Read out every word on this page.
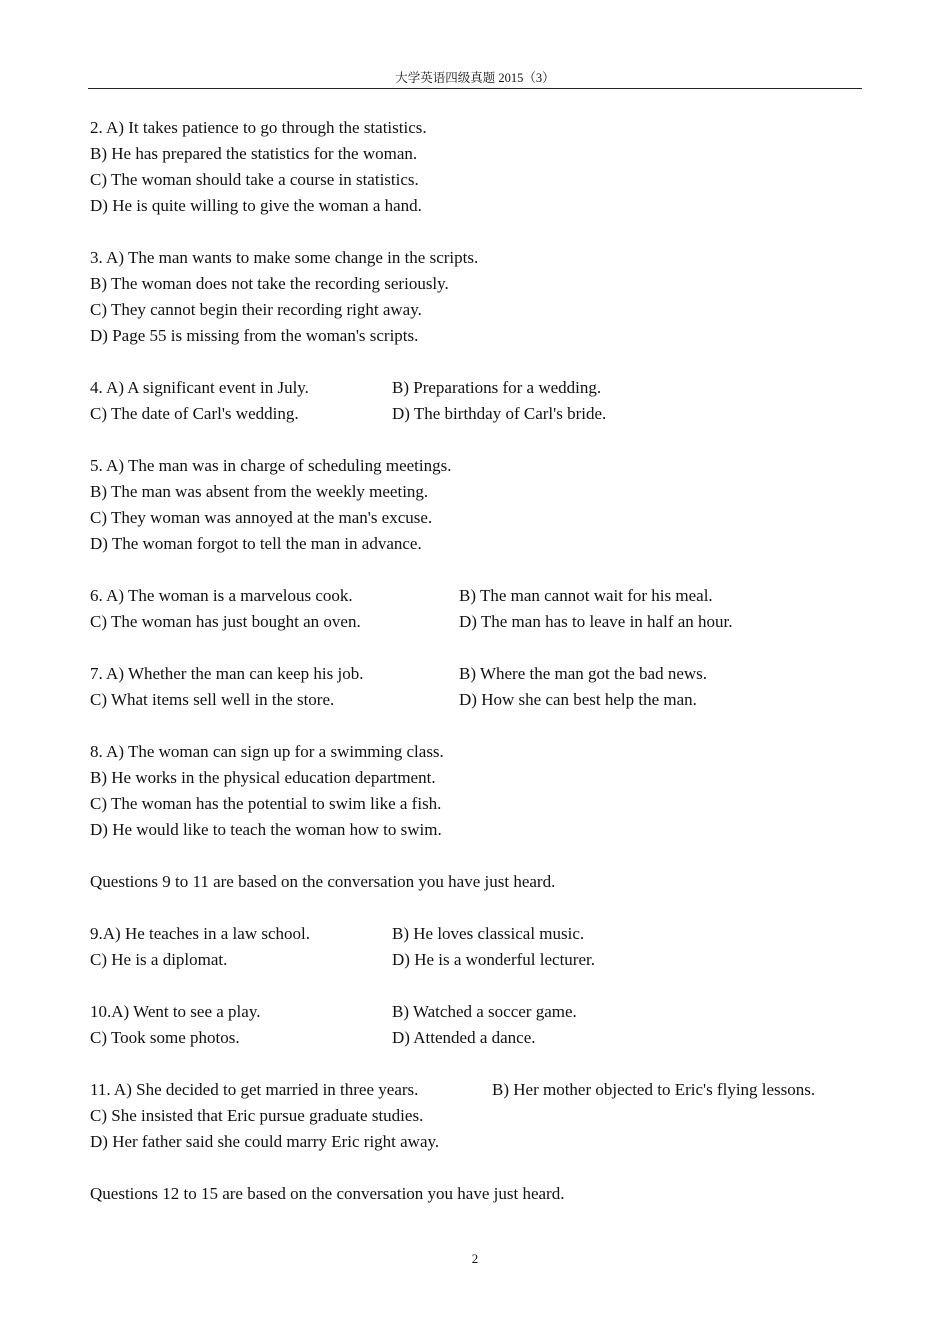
大学英语四级真题 2015（3）
2. A) It takes patience to go through the statistics.
B) He has prepared the statistics for the woman.
C) The woman should take a course in statistics.
D) He is quite willing to give the woman a hand.
3. A) The man wants to make some change in the scripts.
B) The woman does not take the recording seriously.
C) They cannot begin their recording right away.
D) Page 55 is missing from the woman's scripts.
4. A) A significant event in July.	B) Preparations for a wedding.
C) The date of Carl's wedding.	D) The birthday of Carl's bride.
5. A) The man was in charge of scheduling meetings.
B) The man was absent from the weekly meeting.
C) They woman was annoyed at the man's excuse.
D) The woman forgot to tell the man in advance.
6. A) The woman is a marvelous cook.	B) The man cannot wait for his meal.
C) The woman has just bought an oven.	D) The man has to leave in half an hour.
7. A) Whether the man can keep his job.	B) Where the man got the bad news.
C) What items sell well in the store.	D) How she can best help the man.
8. A) The woman can sign up for a swimming class.
B) He works in the physical education department.
C) The woman has the potential to swim like a fish.
D) He would like to teach the woman how to swim.
Questions 9 to 11 are based on the conversation you have just heard.
9.A) He teaches in a law school.	B) He loves classical music.
C) He is a diplomat.	D) He is a wonderful lecturer.
10.A) Went to see a play.	B) Watched a soccer game.
C) Took some photos.	D) Attended a dance.
11. A) She decided to get married in three years.	B) Her mother objected to Eric's flying lessons.
C) She insisted that Eric pursue graduate studies.
D) Her father said she could marry Eric right away.
Questions 12 to 15 are based on the conversation you have just heard.
2
